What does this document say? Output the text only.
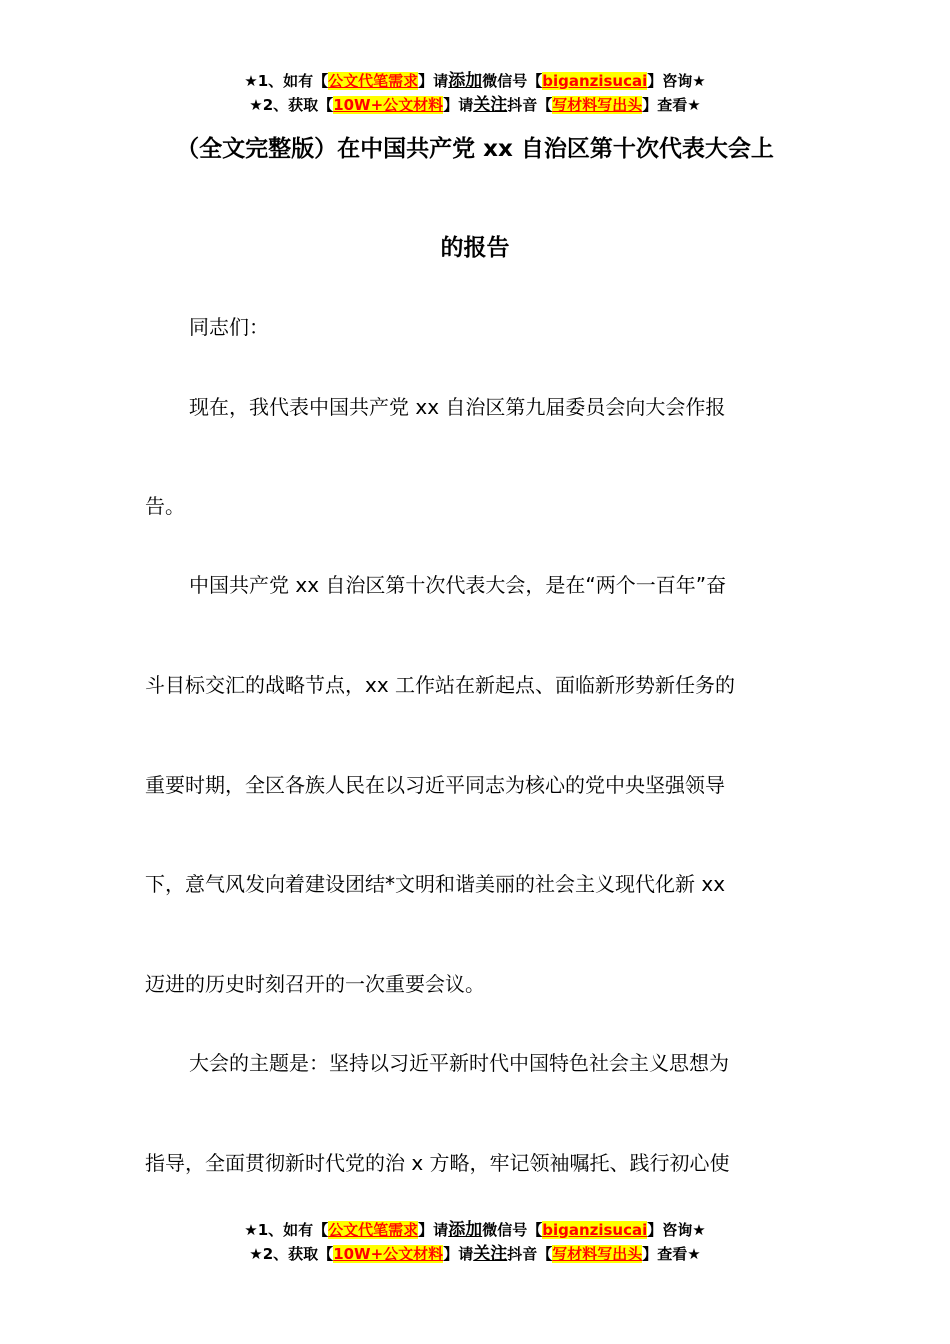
★1、如有【公文代笔需求】请添加微信号【biganzisucai】咨询★
★2、获取【10W+公文材料】请关注抖音【写材料写出头】查看★
（全文完整版）在中国共产党 xx 自治区第十次代表大会上
的报告
同志们：
现在，我代表中国共产党 xx 自治区第九届委员会向大会作报
告。
中国共产党 xx 自治区第十次代表大会，是在“两个一百年”奋
斗目标交汇的战略节点，xx 工作站在新起点、面临新形势新任务的
重要时期，全区各族人民在以习近平同志为核心的党中央坚强领导
下，意气风发向着建设团结*文明和谐美丽的社会主义现代化新 xx
迈进的历史时刻召开的一次重要会议。
大会的主题是：坚持以习近平新时代中国特色社会主义思想为
指导，全面贯彻新时代党的治 x 方略，牢记领袖嘱托、践行初心使
★1、如有【公文代笔需求】请添加微信号【biganzisucai】咨询★
★2、获取【10W+公文材料】请关注抖音【写材料写出头】查看★
